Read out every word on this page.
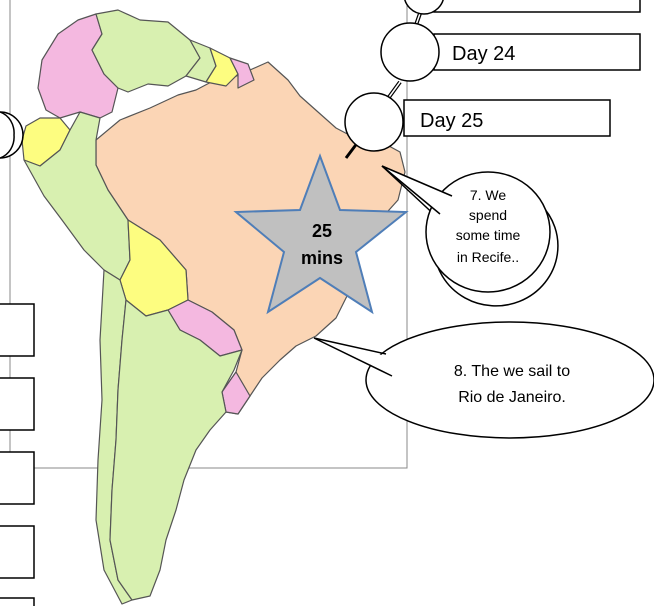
Day 24
Day 25
25
mins
7. We
spend
some time
in Recife..
8. The we sail to
Rio de Janeiro.
